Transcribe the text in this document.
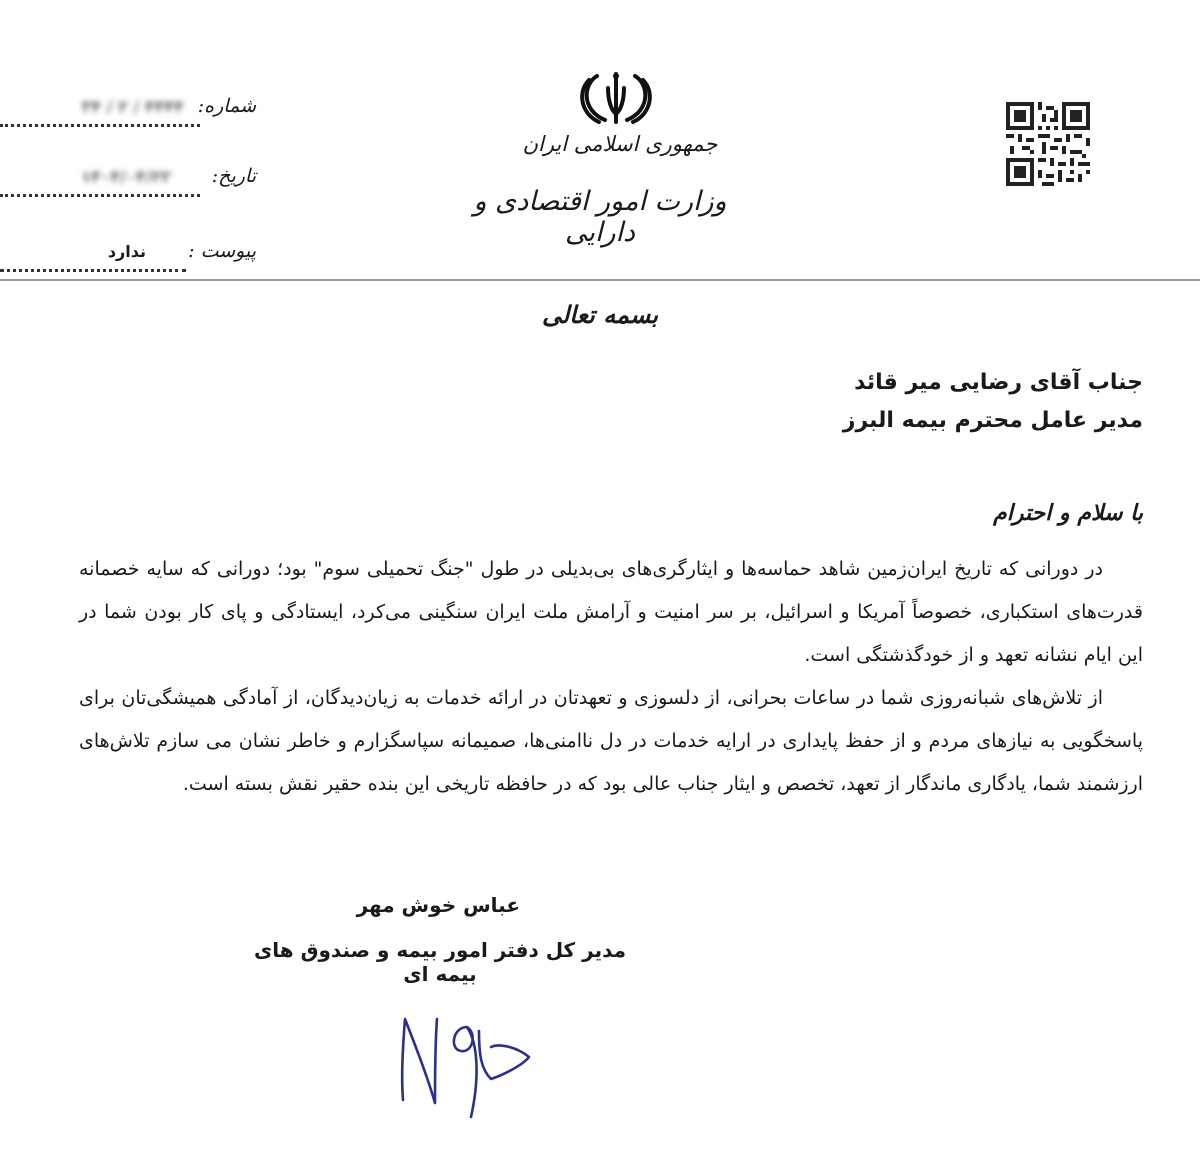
شماره:
۴۴۴۴ / ۲ / ۳۴
تاریخ:
۱۴۰۴/۰۴/۲۲
پیوست :
ندارد
جمهوری اسلامی ایران
وزارت امور اقتصادی و دارایی
بسمه تعالی
جناب آقای رضایی میر قائد
مدیر عامل محترم بیمه البرز
با سلام و احترام

در دورانی که تاریخ ایران‌زمین شاهد حماسه‌ها و ایثارگری‌های بی‌بدیلی در طول "جنگ تحمیلی سوم" بود؛ دورانی که سایه خصمانه قدرت‌های استکباری، خصوصاً آمریکا و اسرائیل، بر سر امنیت و آرامش ملت ایران سنگینی می‌کرد، ایستادگی و پای کار بودن شما در این ایام نشانه تعهد و از خودگذشتگی است.

از تلاش‌های شبانه‌روزی شما در ساعات بحرانی، از دلسوزی و تعهدتان در ارائه خدمات به زیان‌دیدگان، از آمادگی همیشگی‌تان برای پاسخگویی به نیازهای مردم و از حفظ پایداری در ارایه خدمات در دل ناامنی‌ها، صمیمانه سپاسگزارم و خاطر نشان می سازم تلاش‌های ارزشمند شما، یادگاری ماندگار از تعهد، تخصص و ایثار جناب عالی بود که در حافظه تاریخی این بنده حقیر نقش بسته است.

عباس خوش مهر
مدیر کل دفتر امور بیمه و صندوق های بیمه ای
